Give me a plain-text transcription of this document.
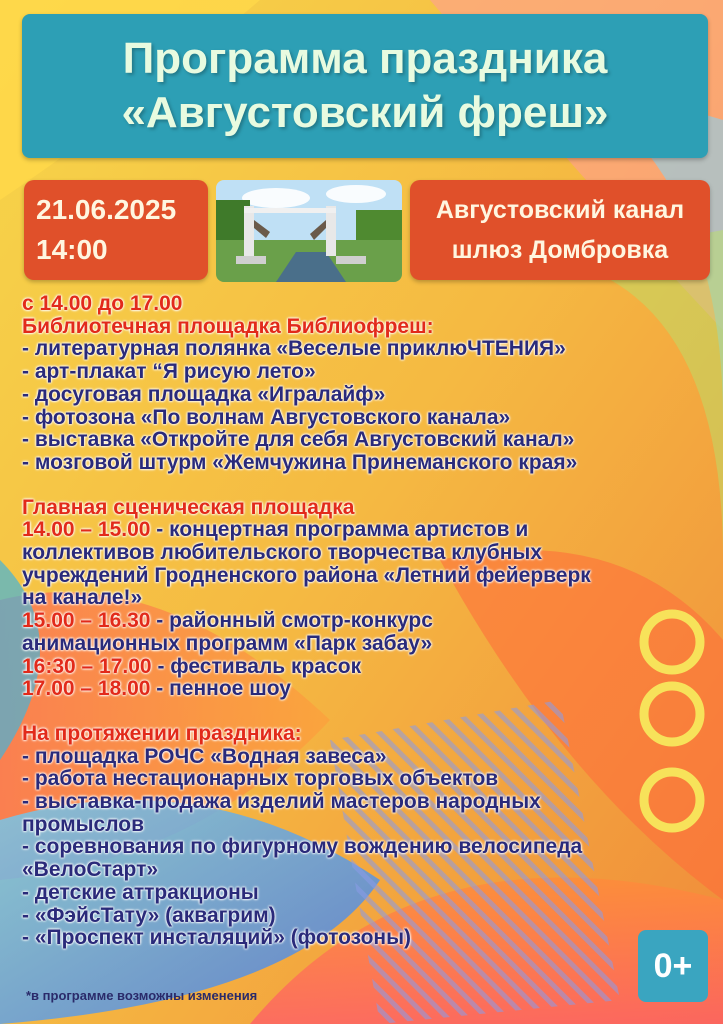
Программа праздника
«Августовский фреш»
21.06.2025
14:00
Августовский канал
шлюз Домбровка
с 14.00 до 17.00
Библиотечная площадка Библиофреш:
- литературная полянка «Веселые приклюЧТЕНИЯ»
- арт-плакат “Я рисую лето»
- досуговая площадка «Игралайф»
- фотозона «По волнам Августовского канала»
- выставка «Откройте для себя Августовский канал»
- мозговой штурм «Жемчужина Принеманского края»
Главная сценическая площадка
14.00 – 15.00 - концертная программа артистов и
коллективов любительского творчества клубных
учреждений Гродненского района «Летний фейерверк
на канале!»
15.00 – 16.30 - районный смотр-конкурс
анимационных программ «Парк забау»
16:30 – 17.00 - фестиваль красок
17.00 – 18.00 - пенное шоу
На протяжении праздника:
- площадка РОЧС «Водная завеса»
- работа нестационарных торговых объектов
- выставка-продажа изделий мастеров народных
промыслов
- соревнования по фигурному вождению велосипеда
«ВелоСтарт»
- детские аттракционы
- «ФэйсТату» (аквагрим)
- «Проспект инсталяций» (фотозоны)
0+
*в программе возможны изменения
